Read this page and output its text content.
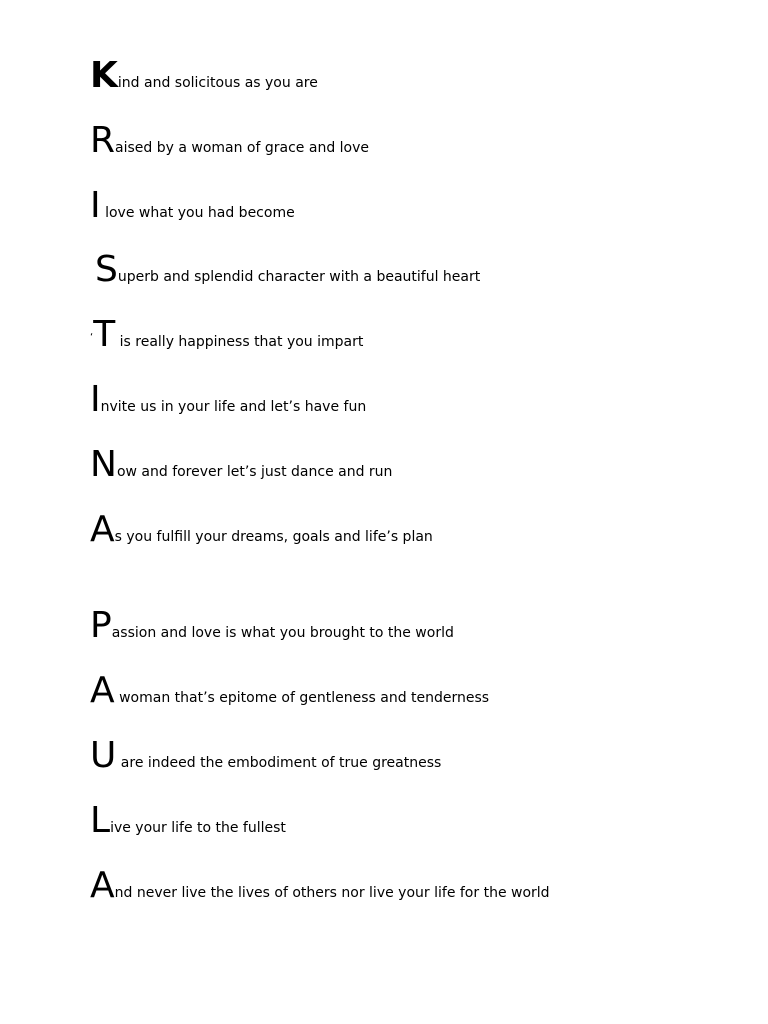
Kind and solicitous as you are
Raised by a woman of grace and love
I love what you had become
Superb and splendid character with a beautiful heart
‘T is really happiness that you impart
Invite us in your life and let’s have fun
Now and forever let’s just dance and run
As you fulfill your dreams, goals and life’s plan
Passion and love is what you brought to the world
A woman that’s epitome of gentleness and tenderness
U are indeed the embodiment of true greatness
Live your life to the fullest
And never live the lives of others nor live your life for the world
